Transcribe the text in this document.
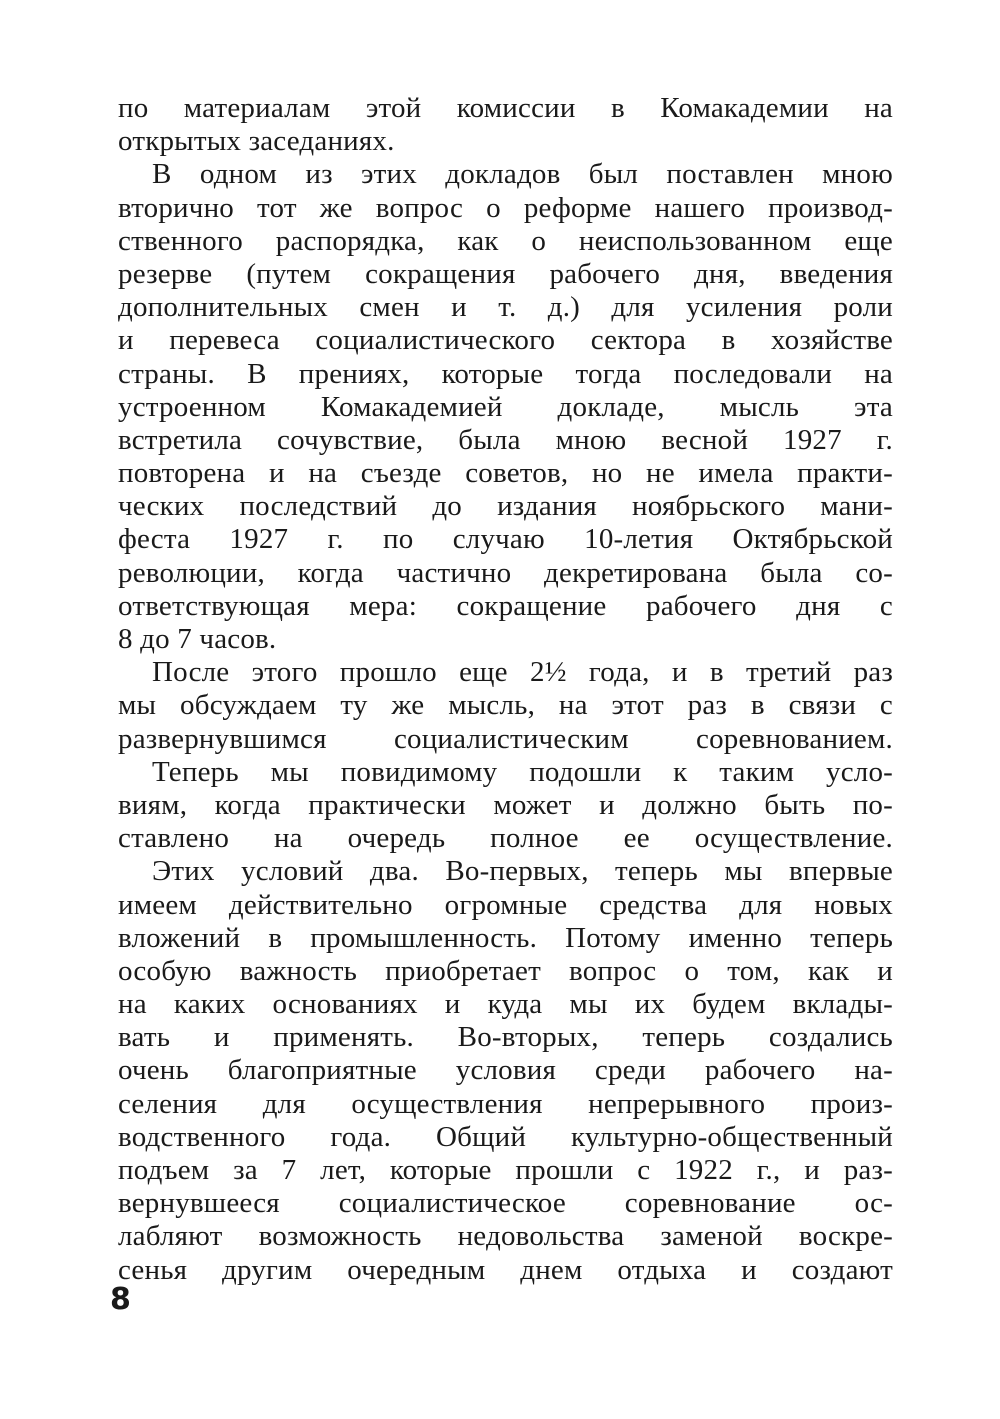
по материалам этой комиссии в Комакадемии на
открытых заседаниях.
В одном из этих докладов был поставлен мною
вторично тот же вопрос о реформе нашего производ-
ственного распорядка, как о неиспользованном еще
резерве (путем сокращения рабочего дня, введения
дополнительных смен и т. д.) для усиления роли
и перевеса социалистического сектора в хозяйстве
страны. В прениях, которые тогда последовали на
устроенном Комакадемией докладе, мысль эта
встретила сочувствие, была мною весной 1927 г.
повторена и на съезде советов, но не имела практи-
ческих последствий до издания ноябрьского мани-
феста 1927 г. по случаю 10-летия Октябрьской
революции, когда частично декретирована была со-
ответствующая мера: сокращение рабочего дня с
8 до 7 часов.
После этого прошло еще 2½ года, и в третий раз
мы обсуждаем ту же мысль, на этот раз в связи с
развернувшимся социалистическим соревнованием.
Теперь мы повидимому подошли к таким усло-
виям, когда практически может и должно быть по-
ставлено на очередь полное ее осуществление.
Этих условий два. Во-первых, теперь мы впервые
имеем действительно огромные средства для новых
вложений в промышленность. Потому именно теперь
особую важность приобретает вопрос о том, как и
на каких основаниях и куда мы их будем вклады-
вать и применять. Во-вторых, теперь создались
очень благоприятные условия среди рабочего на-
селения для осуществления непрерывного произ-
водственного года. Общий культурно-общественный
подъем за 7 лет, которые прошли с 1922 г., и раз-
вернувшееся социалистическое соревнование ос-
лабляют возможность недовольства заменой воскре-
сенья другим очередным днем отдыха и создают
8
